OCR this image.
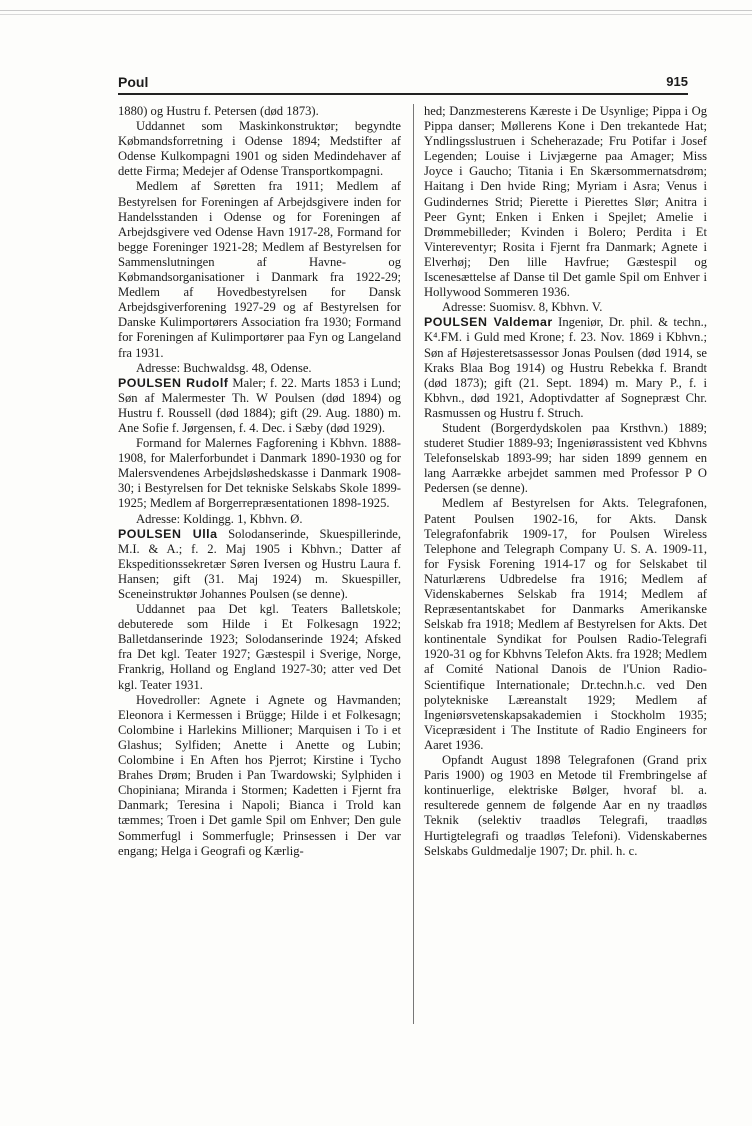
Poul	915

1880) og Hustru f. Petersen (død 1873).

Uddannet som Maskinkonstruktør; begyndte Købmandsforretning i Odense 1894; Medstifter af Odense Kulkompagni 1901 og siden Medindehaver af dette Firma; Medejer af Odense Transportkompagni.

Medlem af Søretten fra 1911; Medlem af Bestyrelsen for Foreningen af Arbejdsgivere inden for Handelsstanden i Odense og for Foreningen af Arbejdsgivere ved Odense Havn 1917-28, Formand for begge Foreninger 1921-28; Medlem af Bestyrelsen for Sammenslutningen af Havne- og Købmandsorganisationer i Danmark fra 1922-29; Medlem af Hovedbestyrelsen for Dansk Arbejdsgiverforening 1927-29 og af Bestyrelsen for Danske Kulimportørers Association fra 1930; Formand for Foreningen af Kulimportører paa Fyn og Langeland fra 1931.

Adresse: Buchwaldsg. 48, Odense.

POULSEN Rudolf Maler; f. 22. Marts 1853 i Lund; Søn af Malermester Th. W Poulsen (død 1894) og Hustru f. Roussell (død 1884); gift (29. Aug. 1880) m. Ane Sofie f. Jørgensen, f. 4. Dec. i Sæby (død 1929).

Formand for Malernes Fagforening i Kbhvn. 1888-1908, for Malerforbundet i Danmark 1890-1930 og for Malersvendenes Arbejdsløshedskasse i Danmark 1908-30; i Bestyrelsen for Det tekniske Selskabs Skole 1899-1925; Medlem af Borgerrepræsentationen 1898-1925.

Adresse: Koldingg. 1, Kbhvn. Ø.

POULSEN Ulla Solodanserinde, Skuespillerinde, M.I. & A.; f. 2. Maj 1905 i Kbhvn.; Datter af Ekspeditionssekretær Søren Iversen og Hustru Laura f. Hansen; gift (31. Maj 1924) m. Skuespiller, Sceneinstruktør Johannes Poulsen (se denne).

Uddannet paa Det kgl. Teaters Balletskole; debuterede som Hilde i Et Folkesagn 1922; Balletdanserinde 1923; Solodanserinde 1924; Afsked fra Det kgl. Teater 1927; Gæstespil i Sverige, Norge, Frankrig, Holland og England 1927-30; atter ved Det kgl. Teater 1931.

Hovedroller: Agnete i Agnete og Havmanden; Eleonora i Kermessen i Brügge; Hilde i et Folkesagn; Colombine i Harlekins Millioner; Marquisen i To i et Glashus; Sylfiden; Anette i Anette og Lubin; Colombine i En Aften hos Pjerrot; Kirstine i Tycho Brahes Drøm; Bruden i Pan Twardowski; Sylphiden i Chopiniana; Miranda i Stormen; Kadetten i Fjernt fra Danmark; Teresina i Napoli; Bianca i Trold kan tæmmes; Troen i Det gamle Spil om Enhver; Den gule Sommerfugl i Sommerfugle; Prinsessen i Der var engang; Helga i Geografi og Kærlig-

hed; Danzmesterens Kæreste i De Usynlige; Pippa i Og Pippa danser; Møllerens Kone i Den trekantede Hat; Yndlingsslustruen i Scheherazade; Fru Potifar i Josef Legenden; Louise i Livjægerne paa Amager; Miss Joyce i Gaucho; Titania i En Skærsommernatsdrøm; Haitang i Den hvide Ring; Myriam i Asra; Venus i Gudindernes Strid; Pierette i Pierettes Slør; Anitra i Peer Gynt; Enken i Enken i Spejlet; Amelie i Drømmebilleder; Kvinden i Bolero; Perdita i Et Vintereventyr; Rosita i Fjernt fra Danmark; Agnete i Elverhøj; Den lille Havfrue; Gæstespil og Iscenesættelse af Danse til Det gamle Spil om Enhver i Hollywood Sommeren 1936.

Adresse: Suomisv. 8, Kbhvn. V.

POULSEN Valdemar Ingeniør, Dr. phil. & techn., K⁴.FM. i Guld med Krone; f. 23. Nov. 1869 i Kbhvn.; Søn af Højesteretsassessor Jonas Poulsen (død 1914, se Kraks Blaa Bog 1914) og Hustru Rebekka f. Brandt (død 1873); gift (21. Sept. 1894) m. Mary P., f. i Kbhvn., død 1921, Adoptivdatter af Sognepræst Chr. Rasmussen og Hustru f. Struch.

Student (Borgerdydskolen paa Krsthvn.) 1889; studeret Studier 1889-93; Ingeniørassistent ved Kbhvns Telefonselskab 1893-99; har siden 1899 gennem en lang Aarrække arbejdet sammen med Professor P O Pedersen (se denne).

Medlem af Bestyrelsen for Akts. Telegrafonen, Patent Poulsen 1902-16, for Akts. Dansk Telegrafonfabrik 1909-17, for Poulsen Wireless Telephone and Telegraph Company U. S. A. 1909-11, for Fysisk Forening 1914-17 og for Selskabet til Naturlærens Udbredelse fra 1916; Medlem af Videnskabernes Selskab fra 1914; Medlem af Repræsentantskabet for Danmarks Amerikanske Selskab fra 1918; Medlem af Bestyrelsen for Akts. Det kontinentale Syndikat for Poulsen Radio-Telegrafi 1920-31 og for Kbhvns Telefon Akts. fra 1928; Medlem af Comité National Danois de l'Union Radio-Scientifique Internationale; Dr.techn.h.c. ved Den polytekniske Læreanstalt 1929; Medlem af Ingeniørsvetenskapsakademien i Stockholm 1935; Vicepræsident i The Institute of Radio Engineers for Aaret 1936.

Opfandt August 1898 Telegrafonen (Grand prix Paris 1900) og 1903 en Metode til Frembringelse af kontinuerlige, elektriske Bølger, hvoraf bl. a. resulterede gennem de følgende Aar en ny traadløs Teknik (selektiv traadløs Telegrafi, traadløs Hurtigtelegrafi og traadløs Telefoni). Videnskabernes Selskabs Guldmedalje 1907; Dr. phil. h. c.
